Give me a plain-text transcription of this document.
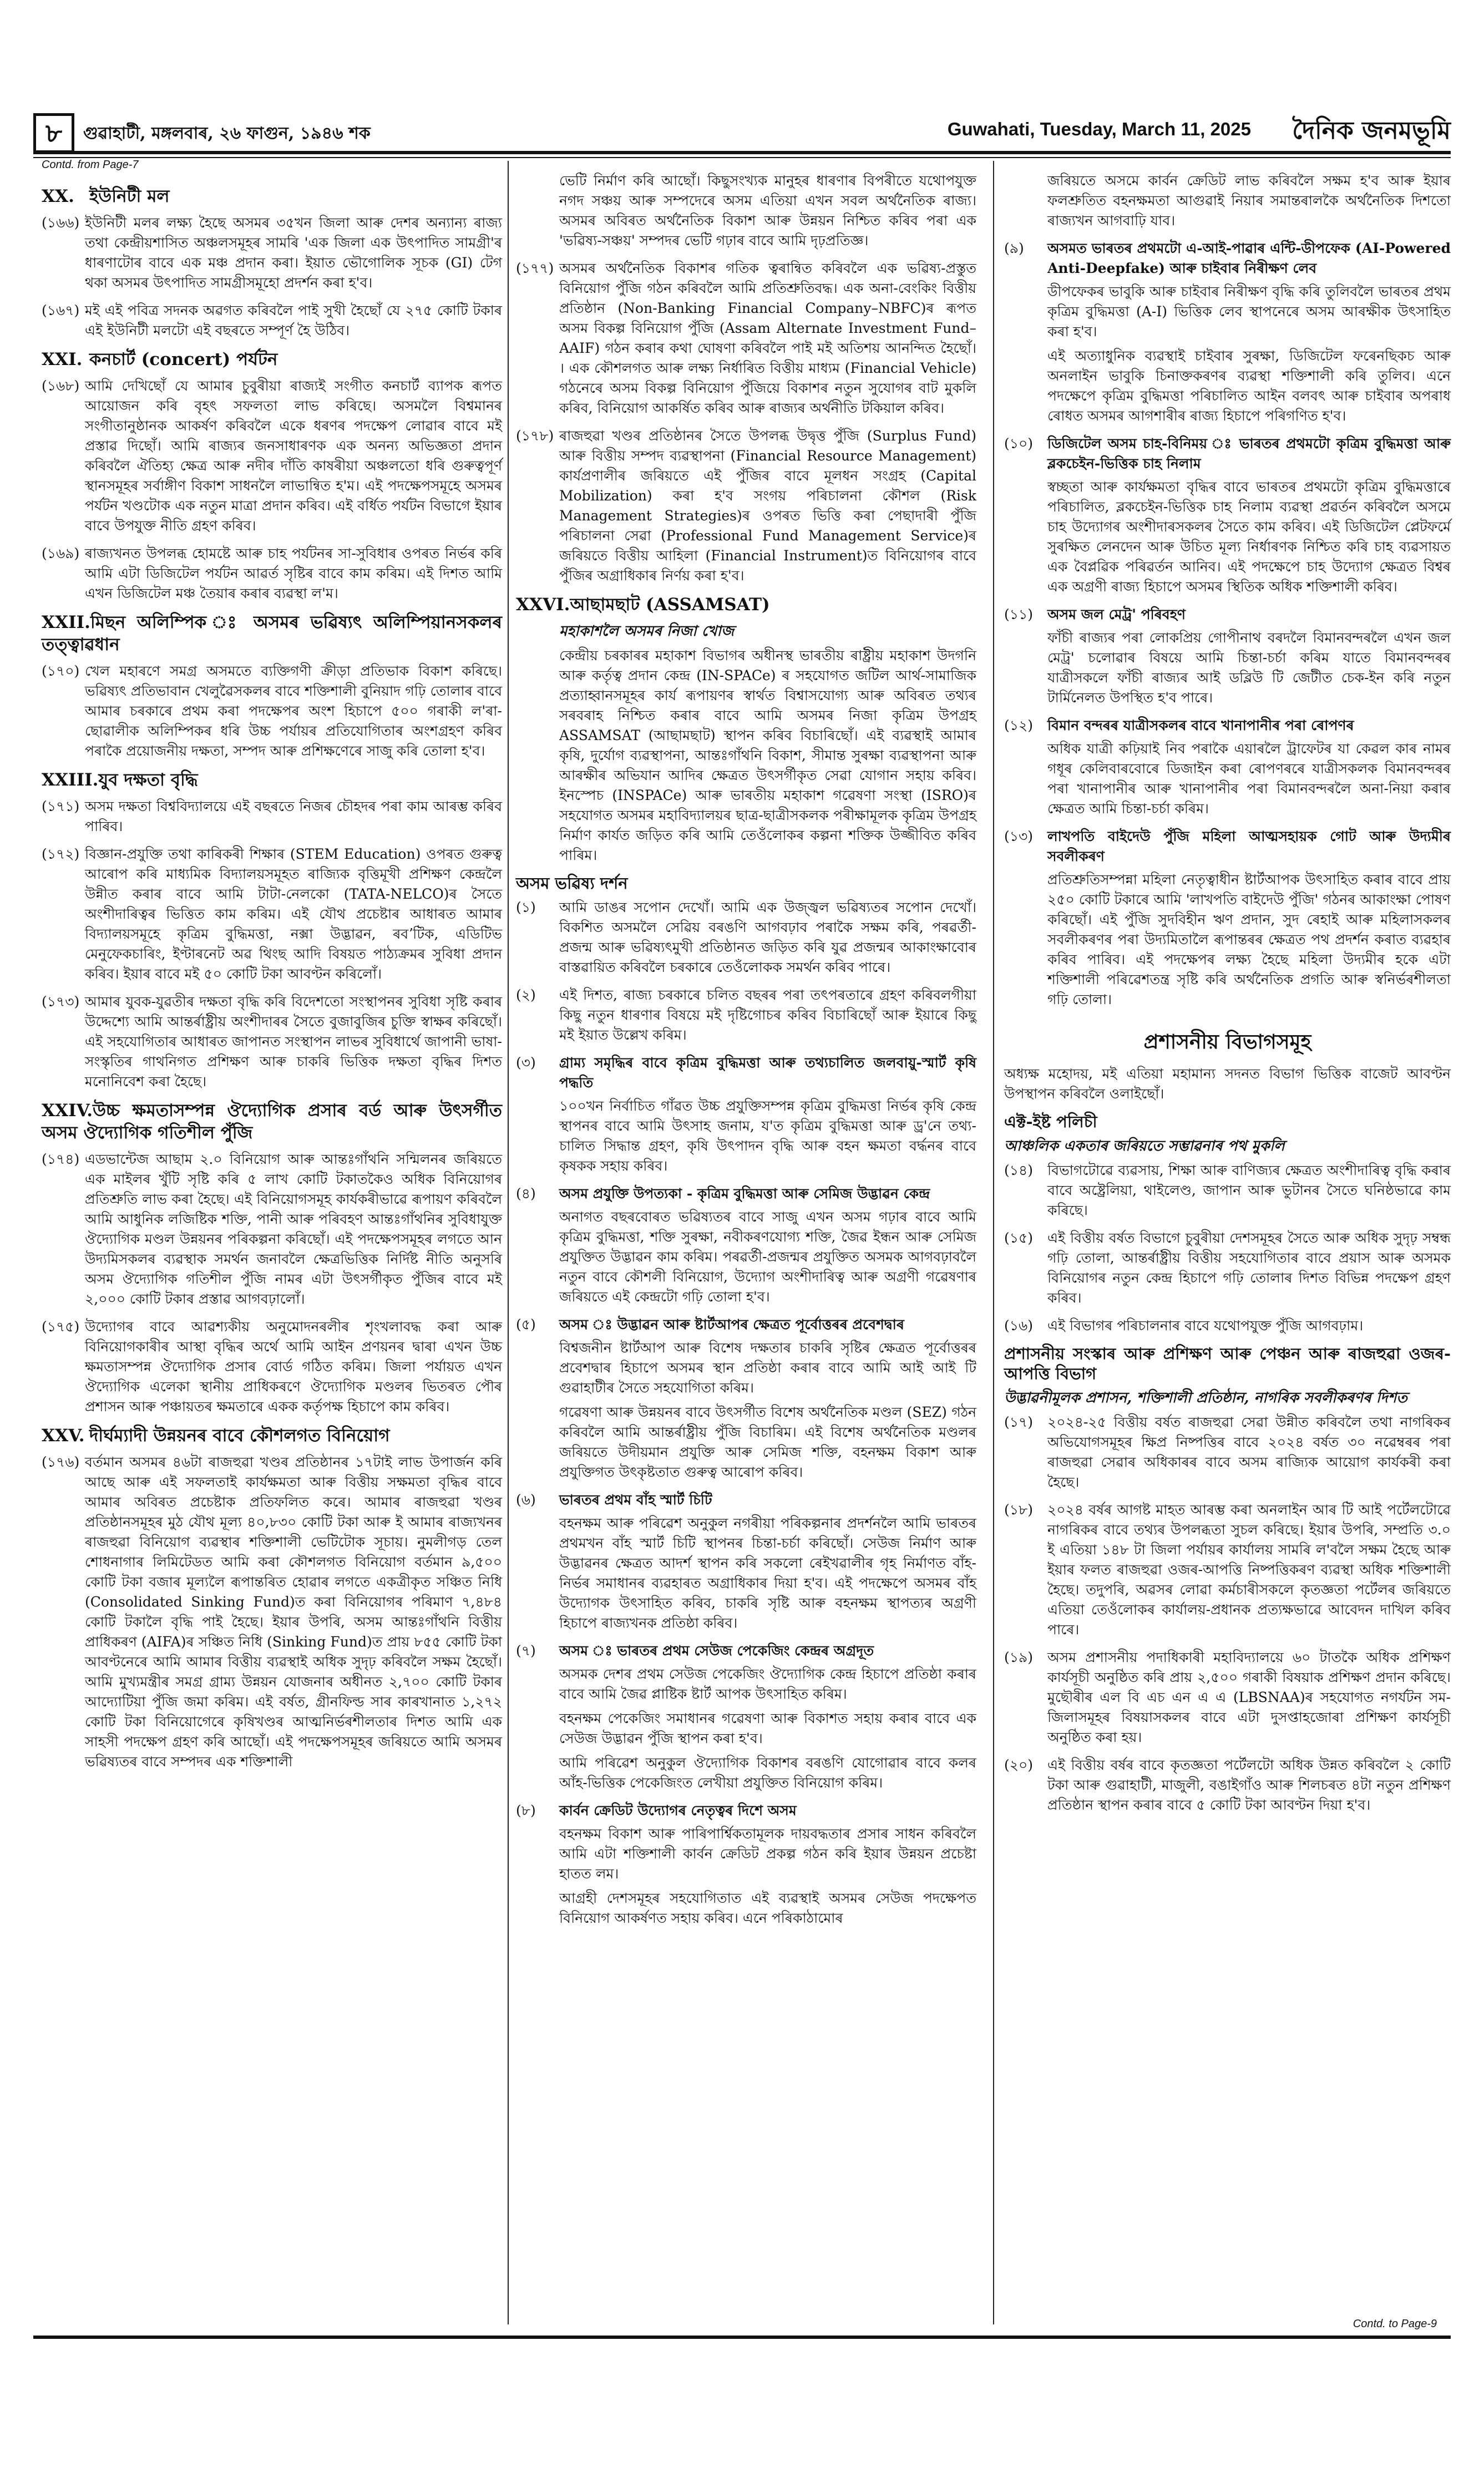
৮	গুৱাহাটী, মঙ্গলবাৰ, ২৬ ফাগুন, ১৯৪৬ শক	Guwahati, Tuesday, March 11, 2025 দৈনিক জনমভূমি
Contd. from Page-7
XX. ইউনিটী মল
(১৬৬) ইউনিটী মলৰ লক্ষ্য হৈছে অসমৰ ৩৫খন জিলা আৰু দেশৰ অন্যান্য ৰাজ্য তথা কেন্দ্ৰীয়শাসিত অঞ্চলসমূহৰ সামৰি 'এক জিলা এক উৎপাদিত সামগ্ৰী'ৰ ধাৰণাটোৰ বাবে এক মঞ্চ প্ৰদান কৰা। ইয়াত ভৌগোলিক সূচক (GI) টেগ থকা অসমৰ উৎপাদিত সামগ্ৰীসমূহো প্ৰদৰ্শন কৰা হ'ব।
(১৬৭) মই এই পবিত্ৰ সদনক অৱগত কৰিবলৈ পাই সুখী হৈছোঁ যে ২৭৫ কোটি টকাৰ এই ইউনিটী মলটো এই বছৰতে সম্পূৰ্ণ হৈ উঠিব।
XXI. কনচাৰ্ট (concert) পৰ্যটন
(১৬৮) আমি দেখিছোঁ যে আমাৰ চুবুৰীয়া ৰাজ্যই সংগীত কনচাৰ্ট ব্যাপক ৰূপত আয়োজন কৰি বৃহৎ সফলতা লাভ কৰিছে। অসমলৈ বিশ্বমানৰ সংগীতানুষ্ঠানক আকৰ্ষণ কৰিবলৈ একে ধৰণৰ পদক্ষেপ লোৱাৰ বাবে মই প্ৰস্তাৱ দিছোঁ। আমি ৰাজ্যৰ জনসাধাৰণক এক অনন্য অভিজ্ঞতা প্ৰদান কৰিবলৈ ঐতিহ্য ক্ষেত্ৰ আৰু নদীৰ দাঁতি কাষৰীয়া অঞ্চলতো ধৰি গুৰুত্বপূৰ্ণ স্থানসমূহৰ সৰ্বাঙ্গীণ বিকাশ সাধনলৈ লাভান্বিত হ'ম। এই পদক্ষেপসমূহে অসমৰ পৰ্যটন খণ্ডটোক এক নতুন মাত্ৰা প্ৰদান কৰিব। এই বৰ্ধিত পৰ্যটন বিভাগে ইয়াৰ বাবে উপযুক্ত নীতি গ্ৰহণ কৰিব।
(১৬৯) ৰাজ্যখনত উপলব্ধ হোমষ্টে আৰু চাহ পৰ্যটনৰ সা-সুবিধাৰ ওপৰত নিৰ্ভৰ কৰি আমি এটা ডিজিটেল পৰ্যটন আৱৰ্ত সৃষ্টিৰ বাবে কাম কৰিম। এই দিশত আমি এখন ডিজিটেল মঞ্চ তৈয়াৰ কৰাৰ ব্যৱস্থা ল'ম।
XXII.মিছন অলিম্পিক ঃ অসমৰ ভৱিষ্যৎ অলিম্পিয়ানসকলৰ তত্ত্বাৱধান
(১৭০) খেল মহাৰণে সমগ্ৰ অসমতে ব্যক্তিগণী ক্ৰীড়া প্ৰতিভাক বিকাশ কৰিছে। ভৱিষ্যৎ প্ৰতিভাবান খেলুৱৈসকলৰ বাবে শক্তিশালী বুনিয়াদ গঢ়ি তোলাৰ বাবে আমাৰ চৰকাৰে প্ৰথম কৰা পদক্ষেপৰ অংশ হিচাপে ৫০০ গৰাকী ল'ৰা-ছোৱালীক অলিম্পিকৰ ধৰি উচ্চ পৰ্যায়ৰ প্ৰতিযোগিতাৰ অংশগ্ৰহণ কৰিব পৰাকৈ প্ৰয়োজনীয় দক্ষতা, সম্পদ আৰু প্ৰশিক্ষণেৰে সাজু কৰি তোলা হ'ব।
XXIII.যুব দক্ষতা বৃদ্ধি
(১৭১) অসম দক্ষতা বিশ্ববিদ্যালয়ে এই বছৰতে নিজৰ চৌহদৰ পৰা কাম আৰম্ভ কৰিব পাৰিব।
(১৭২) বিজ্ঞান-প্ৰযুক্তি তথা কাৰিকৰী শিক্ষাৰ (STEM Education) ওপৰত গুৰুত্ব আৰোপ কৰি মাধ্যমিক বিদ্যালয়সমূহত ৰাজ্যিক বৃত্তিমূখী প্ৰশিক্ষণ কেন্দ্ৰলৈ উন্নীত কৰাৰ বাবে আমি টাটা-নেলকো (TATA-NELCO)ৰ সৈতে অংশীদাৰিত্বৰ ভিত্তিত কাম কৰিম। এই যৌথ প্ৰচেষ্টাৰ আধাৰত আমাৰ বিদ্যালয়সমূহে কৃত্ৰিম বুদ্ধিমত্তা, নক্সা উদ্ভাৱন, ৰবʼটিক, এডিটিভ মেনুফেকচাৰিং, ইণ্টাৰনেট অৱ থিংছ আদি বিষয়ত পাঠ্যক্ৰমৰ সুবিধা প্ৰদান কৰিব। ইয়াৰ বাবে মই ৫০ কোটি টকা আবণ্টন কৰিলোঁ।
(১৭৩) আমাৰ যুবক-যুৱতীৰ দক্ষতা বৃদ্ধি কৰি বিদেশতো সংস্থাপনৰ সুবিধা সৃষ্টি কৰাৰ উদ্দেশ্যে আমি আন্তৰ্ৰাষ্ট্ৰীয় অংশীদাৰৰ সৈতে বুজাবুজিৰ চুক্তি স্বাক্ষৰ কৰিছোঁ। এই সহযোগিতাৰ আধাৰত জাপানত সংস্থাপন লাভৰ সুবিধাৰ্থে জাপানী ভাষা-সংস্কৃতিৰ গাথনিগত প্ৰশিক্ষণ আৰু চাকৰি ভিত্তিক দক্ষতা বৃদ্ধিৰ দিশত মনোনিবেশ কৰা হৈছে।
XXIV.উচ্চ ক্ষমতাসম্পন্ন ঔদ্যোগিক প্ৰসাৰ বৰ্ড আৰু উৎসৰ্গীত অসম ঔদ্যোগিক গতিশীল পুঁজি
(১৭৪) এডভান্টেজ আছাম ২.০ বিনিয়োগ আৰু আন্তঃগাঁথনি সন্মিলনৰ জৰিয়তে এক মাইলৰ খুঁটি সৃষ্টি কৰি ৫ লাখ কোটি টকাতকৈও অধিক বিনিয়োগৰ প্ৰতিশ্ৰুতি লাভ কৰা হৈছে। এই বিনিয়োগসমূহ কাৰ্যকৰীভাৱে ৰূপায়ণ কৰিবলৈ আমি আধুনিক লজিষ্টিক শক্তি, পানী আৰু পৰিবহণ আন্তঃগাঁথনিৰ সুবিধাযুক্ত ঔদ্যোগিক মণ্ডল উন্নয়নৰ পৰিকল্পনা কৰিছোঁ। এই পদক্ষেপসমূহৰ লগতে আন উদ্যমিসকলৰ ব্যৱস্থাক সমৰ্থন জনাবলৈ ক্ষেত্ৰভিত্তিক নিৰ্দিষ্ট নীতি অনুসৰি অসম ঔদ্যোগিক গতিশীল পুঁজি নামৰ এটা উৎসৰ্গীকৃত পুঁজিৰ বাবে মই ২,০০০ কোটি টকাৰ প্ৰস্তাৱ আগবঢ়ালোঁ।
(১৭৫) উদ্যোগৰ বাবে আৱশ্যকীয় অনুমোদনৰলীৰ শৃংখলাবদ্ধ কৰা আৰু বিনিয়োগকাৰীৰ আস্থা বৃদ্ধিৰ অৰ্থে আমি আইন প্ৰণয়নৰ দ্বাৰা এখন উচ্চ ক্ষমতাসম্পন্ন ঔদ্যোগিক প্ৰসাৰ বোৰ্ড গঠিত কৰিম। জিলা পৰ্যায়ত এখন ঔদ্যোগিক এলেকা স্থানীয় প্ৰাধিকৰণে ঔদ্যোগিক মণ্ডলৰ ভিতৰত পৌৰ প্ৰশাসন আৰু পঞ্চায়তৰ ক্ষমতাৰে একক কৰ্তৃপক্ষ হিচাপে কাম কৰিব।
XXV. দীৰ্ঘম্যাদী উন্নয়নৰ বাবে কৌশলগত বিনিয়োগ
(১৭৬) বৰ্তমান অসমৰ ৪৬টা ৰাজহুৱা খণ্ডৰ প্ৰতিষ্ঠানৰ ১৭টাই লাভ উপাৰ্জন কৰি আছে আৰু এই সফলতাই কাৰ্যক্ষমতা আৰু বিত্তীয় সক্ষমতা বৃদ্ধিৰ বাবে আমাৰ অবিৰত প্ৰচেষ্টাক প্ৰতিফলিত কৰে। আমাৰ ৰাজহুৱা খণ্ডৰ প্ৰতিষ্ঠানসমূহৰ মুঠ যৌথ মূল্য ৪০,৮৩০ কোটি টকা আৰু ই আমাৰ ৰাজ্যখনৰ ৰাজহুৱা বিনিয়োগ ব্যৱস্থাৰ শক্তিশালী ভেটিটোক সূচায়। নুমলীগড় তেল শোধনাগাৰ লিমিটেডত আমি কৰা কৌশলগত বিনিয়োগ বৰ্তমান ৯,৫০০ কোটি টকা বজাৰ মূল্যলৈ ৰূপান্তৰিত হোৱাৰ লগতে একত্ৰীকৃত সঞ্চিত নিধি (Consolidated Sinking Fund)ত কৰা বিনিয়োগৰ পৰিমাণ ৭,৪৮৪ কোটি টকালৈ বৃদ্ধি পাই হৈছে। ইয়াৰ উপৰি, অসম আন্তঃগাঁথনি বিত্তীয় প্ৰাধিকৰণ (AIFA)ৰ সঞ্চিত নিধি (Sinking Fund)ত প্ৰায় ৮৫৫ কোটি টকা আবণ্টনেৰে আমি আমাৰ বিত্তীয় ব্যৱস্থাই অধিক সুদৃঢ় কৰিবলৈ সক্ষম হৈছোঁ। আমি মুখ্যমন্ত্ৰীৰ সমগ্ৰ গ্ৰাম্য উন্নয়ন যোজনাৰ অধীনত ২,৭০০ কোটি টকাৰ আদ্যোটিয়া পুঁজি জমা কৰিম। এই বৰ্ষত, গ্ৰীনফিল্ড সাৰ কাৰখানাত ১,২৭২ কোটি টকা বিনিয়োগেৰে কৃষিখণ্ডৰ আত্মনিৰ্ভৰশীলতাৰ দিশত আমি এক সাহসী পদক্ষেপ গ্ৰহণ কৰি আছোঁ। এই পদক্ষেপসমূহৰ জৰিয়তে আমি অসমৰ ভৱিষ্যতৰ বাবে সম্পদৰ এক শক্তিশালী
ভেটি নিৰ্মাণ কৰি আছোঁ। কিছুসংখ্যক মানুহৰ ধাৰণাৰ বিপৰীতে যথোপযুক্ত নগদ সঞ্চয় আৰু সম্পদেৰে অসম এতিয়া এখন সবল অৰ্থনৈতিক ৰাজ্য। অসমৰ অবিৰত অৰ্থনৈতিক বিকাশ আৰু উন্নয়ন নিশ্চিত কৰিব পৰা এক 'ভৱিষ্য-সঞ্চয়' সম্পদৰ ভেটি গঢ়াৰ বাবে আমি দৃঢ়প্ৰতিজ্ঞ।
(১৭৭) অসমৰ অৰ্থনৈতিক বিকাশৰ গতিক ত্বৰান্বিত কৰিবলৈ এক ভৱিষ্য-প্ৰস্তুত বিনিয়োগ পুঁজি গঠন কৰিবলৈ আমি প্ৰতিশ্ৰুতিবদ্ধ। এক অনা-বেংকিং বিত্তীয় প্ৰতিষ্ঠান (Non-Banking Financial Company–NBFC)ৰ ৰূপত অসম বিকল্প বিনিয়োগ পুঁজি (Assam Alternate Investment Fund–AAIF) গঠন কৰাৰ কথা ঘোষণা কৰিবলৈ পাই মই অতিশয় আনন্দিত হৈছোঁ। । এক কৌশলগত আৰু লক্ষ্য নিৰ্ধাৰিত বিত্তীয় মাধ্যম (Financial Vehicle) গঠনেৰে অসম বিকল্প বিনিয়োগ পুঁজিয়ে বিকাশৰ নতুন সুযোগৰ বাট মুকলি কৰিব, বিনিয়োগ আকৰ্ষিত কৰিব আৰু ৰাজ্যৰ অৰ্থনীতি টকিয়াল কৰিব।
(১৭৮) ৰাজহুৱা খণ্ডৰ প্ৰতিষ্ঠানৰ সৈতে উপলব্ধ উদ্বৃত্ত পুঁজি (Surplus Fund) আৰু বিত্তীয় সম্পদ ব্যৱস্থাপনা (Financial Resource Management) কাৰ্যপ্ৰণালীৰ জৰিয়তে এই পুঁজিৰ বাবে মূলধন সংগ্ৰহ (Capital Mobilization) কৰা হ'ব সংগয় পৰিচালনা কৌশল (Risk Management Strategies)ৰ ওপৰত ভিত্তি কৰা পেছাদাৰী পুঁজি পৰিচালনা সেৱা (Professional Fund Management Service)ৰ জৰিয়তে বিত্তীয় আহিলা (Financial Instrument)ত বিনিয়োগৰ বাবে পুঁজিৰ অগ্ৰাধিকাৰ নিৰ্ণয় কৰা হ'ব।
XXVI.আছামছাট (ASSAMSAT)
মহাকাশলৈ অসমৰ নিজা খোজ
কেন্দ্ৰীয় চৰকাৰৰ মহাকাশ বিভাগৰ অধীনস্থ ভাৰতীয় ৰাষ্ট্ৰীয় মহাকাশ উদগনি আৰু কৰ্তৃত্ব প্ৰদান কেন্দ্ৰ (IN-SPACe) ৰ সহযোগত জটিল আৰ্থ-সামাজিক প্ৰত্যাহ্বানসমূহৰ কাৰ্য ৰূপায়ণৰ স্বাৰ্থত বিশ্বাসযোগ্য আৰু অবিৰত তথ্যৰ সৰবৰাহ নিশ্চিত কৰাৰ বাবে আমি অসমৰ নিজা কৃত্ৰিম উপগ্ৰহ ASSAMSAT (আছামছাট) স্থাপন কৰিব বিচাৰিছোঁ। এই ব্যৱস্থাই আমাৰ কৃষি, দুৰ্যোগ ব্যৱস্থাপনা, আন্তঃগাঁথনি বিকাশ, সীমান্ত সুৰক্ষা ব্যৱস্থাপনা আৰু আৰক্ষীৰ অভিযান আদিৰ ক্ষেত্ৰত উৎসৰ্গীকৃত সেৱা যোগান সহায় কৰিব। ইনস্পেচ (INSPACe) আৰু ভাৰতীয় মহাকাশ গৱেষণা সংস্থা (ISRO)ৰ সহযোগত অসমৰ মহাবিদ্যালয়ৰ ছাত্ৰ-ছাত্ৰীসকলক পৰীক্ষামূলক কৃত্ৰিম উপগ্ৰহ নিৰ্মাণ কাৰ্যত জড়িত কৰি আমি তেওঁলোকৰ কল্পনা শক্তিক উজ্জীবিত কৰিব পাৰিম।
অসম ভৱিষ্য দৰ্শন
(১)	আমি ডাঙৰ সপোন দেখোঁ। আমি এক উজ্জ্বল ভৱিষ্যতৰ সপোন দেখোঁ। বিকশিত অসমলৈ সেৱিয় বৰঙণি আগবঢ়াব পৰাকৈ সক্ষম কৰি, পৰৱৰ্তী-প্ৰজন্ম আৰু ভৱিষ্যৎমুখী প্ৰতিষ্ঠানত জড়িত কৰি যুৱ প্ৰজন্মৰ আকাংক্ষাবোৰ বাস্তৱায়িত কৰিবলৈ চৰকাৰে তেওঁলোকক সমৰ্থন কৰিব পাৰে।
(২)	এই দিশত, ৰাজ্য চৰকাৰে চলিত বছৰৰ পৰা তৎপৰতাৰে গ্ৰহণ কৰিবলগীয়া কিছু নতুন ধাৰণাৰ বিষয়ে মই দৃষ্টিগোচৰ কৰিব বিচাৰিছোঁ আৰু ইয়াৰে কিছু মই ইয়াত উল্লেখ কৰিম।
(৩)	গ্ৰাম্য সমৃদ্ধিৰ বাবে কৃত্ৰিম বুদ্ধিমত্তা আৰু তথ্যচালিত জলবায়ু-স্মাৰ্ট কৃষি পদ্ধতি
১০০খন নিৰ্বাচিত গাঁৱত উচ্চ প্ৰযুক্তিসম্পন্ন কৃত্ৰিম বুদ্ধিমত্তা নিৰ্ভৰ কৃষি কেন্দ্ৰ স্থাপনৰ বাবে আমি উৎসাহ জনাম, য'ত কৃত্ৰিম বুদ্ধিমত্তা আৰু ড্ৰ'নে তথ্য-চালিত সিদ্ধান্ত গ্ৰহণ, কৃষি উৎপাদন বৃদ্ধি আৰু বহন ক্ষমতা বৰ্দ্ধনৰ বাবে কৃষকক সহায় কৰিব।
(৪)	অসম প্ৰযুক্তি উপত্যকা - কৃত্ৰিম বুদ্ধিমত্তা আৰু সেমিজ উদ্ভাৱন কেন্দ্ৰ
অনাগত বছৰবোৰত ভৱিষ্যতৰ বাবে সাজু এখন অসম গঢ়াৰ বাবে আমি কৃত্ৰিম বুদ্ধিমত্তা, শক্তি সুৰক্ষা, নবীকৰণযোগ্য শক্তি, জৈৱ ইন্ধন আৰু সেমিজ প্ৰযুক্তিত উদ্ভাৱন কাম কৰিম। পৰৱৰ্তী-প্ৰজন্মৰ প্ৰযুক্তিত অসমক আগবঢ়াবলৈ নতুন বাবে কৌশলী বিনিয়োগ, উদ্যোগ অংশীদাৰিত্ব আৰু অগ্ৰণী গৱেষণাৰ জৰিয়তে এই কেন্দ্ৰটো গঢ়ি তোলা হ'ব।
(৫)	অসম ঃ উদ্ভাৱন আৰু ষ্টাৰ্টআপৰ ক্ষেত্ৰত পূৰ্বোত্তৰৰ প্ৰবেশদ্বাৰ
বিশ্বজনীন ষ্টাৰ্টআপ আৰু বিশেষ দক্ষতাৰ চাকৰি সৃষ্টিৰ ক্ষেত্ৰত পূৰ্বোত্তৰৰ প্ৰবেশদ্বাৰ হিচাপে অসমৰ স্থান প্ৰতিষ্ঠা কৰাৰ বাবে আমি আই আই টি গুৱাহাটীৰ সৈতে সহযোগিতা কৰিম।
গৱেষণা আৰু উন্নয়নৰ বাবে উৎসৰ্গীত বিশেষ অৰ্থনৈতিক মণ্ডল (SEZ) গঠন কৰিবলৈ আমি আন্তৰ্ৰাষ্ট্ৰীয় পুঁজি বিচাৰিম। এই বিশেষ অৰ্থনৈতিক মণ্ডলৰ জৰিয়তে উদীয়মান প্ৰযুক্তি আৰু সেমিজ শক্তি, বহনক্ষম বিকাশ আৰু প্ৰযুক্তিগত উৎকৃষ্টতাত গুৰুত্ব আৰোপ কৰিব।
(৬)	ভাৰতৰ প্ৰথম বাঁহ স্মাৰ্ট চিটি
বহনক্ষম আৰু পৰিৱেশ অনুকুল নগৰীয়া পৰিকল্পনাৰ প্ৰদৰ্শনলৈ আমি ভাৰতৰ প্ৰথমখন বাঁহ স্মাৰ্ট চিটি স্থাপনৰ চিন্তা-চৰ্চা কৰিছোঁ। সেউজ নিৰ্মাণ আৰু উদ্ভাৱনৰ ক্ষেত্ৰত আদৰ্শ স্থাপন কৰি সকলো ৰেইখৱালীৰ গৃহ নিৰ্মাণত বাঁহ-নিৰ্ভৰ সমাধানৰ ব্যৱহাৰত অগ্ৰাধিকাৰ দিয়া হ'ব। এই পদক্ষেপে অসমৰ বাঁহ উদ্যোগক উৎসাহিত কৰিব, চাকৰি সৃষ্টি আৰু বহনক্ষম স্থাপত্যৰ অগ্ৰণী হিচাপে ৰাজ্যখনক প্ৰতিষ্ঠা কৰিব।
(৭)	অসম ঃ ভাৰতৰ প্ৰথম সেউজ পেকেজিং কেন্দ্ৰৰ অগ্ৰদূত
অসমক দেশৰ প্ৰথম সেউজ পেকেজিং ঔদ্যোগিক কেন্দ্ৰ হিচাপে প্ৰতিষ্ঠা কৰাৰ বাবে আমি জৈৱ প্লাষ্টিক ষ্টাৰ্ট আপক উৎসাহিত কৰিম।
বহনক্ষম পেকেজিং সমাধানৰ গৱেষণা আৰু বিকাশত সহায় কৰাৰ বাবে এক সেউজ উদ্ভাৱন পুঁজি স্থাপন কৰা হ'ব।
আমি পৰিৱেশ অনুকুল ঔদ্যোগিক বিকাশৰ বৰঙণি যোগোৱাৰ বাবে কলৰ আঁহ-ভিত্তিক পেকেজিংত লেখীয়া প্ৰযুক্তিত বিনিয়োগ কৰিম।
(৮)	কাৰ্বন ক্ৰেডিট উদ্যোগৰ নেতৃত্বৰ দিশে অসম
বহনক্ষম বিকাশ আৰু পাৰিপাৰ্শ্বিকতামূলক দায়বদ্ধতাৰ প্ৰসাৰ সাধন কৰিবলৈ আমি এটা শক্তিশালী কাৰ্বন ক্ৰেডিট প্ৰকল্প গঠন কৰি ইয়াৰ উন্নয়ন প্ৰচেষ্টা হাতত লম।
আগ্ৰহী দেশসমূহৰ সহযোগিতাত এই ব্যৱস্থাই অসমৰ সেউজ পদক্ষেপত বিনিয়োগ আকৰ্ষণত সহায় কৰিব। এনে পৰিকাঠামোৰ
জৰিয়তে অসমে কাৰ্বন ক্ৰেডিট লাভ কৰিবলৈ সক্ষম হ'ব আৰু ইয়াৰ ফলশ্ৰুতিত বহনক্ষমতা আগুৱাই নিয়াৰ সমান্তৰালকৈ অৰ্থনৈতিক দিশতো ৰাজ্যখন আগবাঢ়ি যাব।
(৯)	অসমত ভাৰতৰ প্ৰথমটো এ-আই-পাৱাৰ এন্টি-ডীপফেক (AI-Powered Anti-Deepfake) আৰু চাইবাৰ নিৰীক্ষণ লেব
ডীপফেকৰ ভাবুকি আৰু চাইবাৰ নিৰীক্ষণ বৃদ্ধি কৰি তুলিবলৈ ভাৰতৰ প্ৰথম কৃত্ৰিম বুদ্ধিমত্তা (A-I) ভিত্তিক লেব স্থাপনেৰে অসম আৰক্ষীক উৎসাহিত কৰা হ'ব।
এই অত্যাধুনিক ব্যৱস্থাই চাইবাৰ সুৰক্ষা, ডিজিটেল ফৰেনছিকচ আৰু অনলাইন ভাবুকি চিনাক্তকৰণৰ ব্যৱস্থা শক্তিশালী কৰি তুলিব। এনে পদক্ষেপে কৃত্ৰিম বুদ্ধিমত্তা পৰিচালিত আইন বলবৎ আৰু চাইবাৰ অপৰাধ ৰোধত অসমৰ আগশাৰীৰ ৰাজ্য হিচাপে পৰিগণিত হ'ব।
(১০)	ডিজিটেল অসম চাহ-বিনিময় ঃ ভাৰতৰ প্ৰথমটো কৃত্ৰিম বুদ্ধিমত্তা আৰু ব্লকচেইন-ভিত্তিক চাহ নিলাম
স্বচ্ছতা আৰু কাৰ্যক্ষমতা বৃদ্ধিৰ বাবে ভাৰতৰ প্ৰথমটো কৃত্ৰিম বুদ্ধিমত্তাৰে পৰিচালিত, ব্লকচেইন-ভিত্তিক চাহ নিলাম ব্যৱস্থা প্ৰৱৰ্তন কৰিবলৈ অসমে চাহ উদ্যোগৰ অংশীদাৰসকলৰ সৈতে কাম কৰিব। এই ডিজিটেল প্লেটফৰ্মে সুৰক্ষিত লেনদেন আৰু উচিত মূল্য নিৰ্ধাৰণক নিশ্চিত কৰি চাহ ব্যৱসায়ত এক বৈপ্লৱিক পৰিৱৰ্তন আনিব। এই পদক্ষেপে চাহ উদ্যোগ ক্ষেত্ৰত বিশ্বৰ এক অগ্ৰণী ৰাজ্য হিচাপে অসমৰ স্থিতিক অধিক শক্তিশালী কৰিব।
(১১)	অসম জল মেট্ৰ' পৰিবহণ
ফাঁচী ৰাজ্যৰ পৰা লোকপ্ৰিয় গোপীনাথ বৰদলৈ বিমানবন্দৰলৈ এখন জল মেট্ৰ' চলোৱাৰ বিষয়ে আমি চিন্তা-চৰ্চা কৰিম যাতে বিমানবন্দৰৰ যাত্ৰীসকলে ফাঁচী ৰাজ্যৰ আই ডব্লিউ টি জেটীত চেক-ইন কৰি নতুন টাৰ্মিনেলত উপস্থিত হ'ব পাৰে।
(১২)	বিমান বন্দৰৰ যাত্ৰীসকলৰ বাবে খানাপানীৰ পৰা ৰোপণৰ
অধিক যাত্ৰী কঢ়িয়াই নিব পৰাকৈ এয়াৰলৈ ট্ৰাফেটৰ যা কেৱল কাৰ নামৰ গধূৰ কেলিবাৰবোৰে ডিজাইন কৰা ৰোপণৰৰে যাত্ৰীসকলক বিমানবন্দৰৰ পৰা খানাপানীৰ আৰু খানাপানীৰ পৰা বিমানবন্দৰলৈ অনা-নিয়া কৰাৰ ক্ষেত্ৰত আমি চিন্তা-চৰ্চা কৰিম।
(১৩)	লাখপতি বাইদেউ পুঁজি মহিলা আত্মসহায়ক গোট আৰু উদ্যমীৰ সবলীকৰণ
প্ৰতিশ্ৰুতিসম্পন্না মহিলা নেতৃত্বাধীন ষ্টাৰ্টআপক উৎসাহিত কৰাৰ বাবে প্ৰায় ২৫০ কোটি টকাৰে আমি 'লাখপতি বাইদেউ পুঁজি' গঠনৰ আকাংক্ষা পোষণ কৰিছোঁ। এই পুঁজি সুদবিহীন ঋণ প্ৰদান, সুদ ৰেহাই আৰু মহিলাসকলৰ সবলীকৰণৰ পৰা উদ্যমিতালৈ ৰূপান্তৰৰ ক্ষেত্ৰত পথ প্ৰদৰ্শন কৰাত ব্যৱহাৰ কৰিব পাৰিব। এই পদক্ষেপৰ লক্ষ্য হৈছে মহিলা উদ্যমীৰ হকে এটা শক্তিশালী পৰিৱেশতন্ত্ৰ সৃষ্টি কৰি অৰ্থনৈতিক প্ৰগতি আৰু স্বনিৰ্ভৰশীলতা গঢ়ি তোলা।
প্ৰশাসনীয় বিভাগসমূহ
অধ্যক্ষ মহোদয়, মই এতিয়া মহামান্য সদনত বিভাগ ভিত্তিক বাজেট আবণ্টন উপস্থাপন কৰিবলৈ ওলাইছোঁ।
এক্ট-ইষ্ট পলিচী
আঞ্চলিক একতাৰ জৰিয়তে সম্ভাৱনাৰ পথ মুকলি
(১৪)	বিভাগটোৱে ব্যৱসায়, শিক্ষা আৰু বাণিজ্যৰ ক্ষেত্ৰত অংশীদাৰিত্ব বৃদ্ধি কৰাৰ বাবে অষ্ট্ৰেলিয়া, থাইলেণ্ড, জাপান আৰু ভুটানৰ সৈতে ঘনিষ্ঠভাৱে কাম কৰিছে।
(১৫)	এই বিত্তীয় বৰ্ষত বিভাগে চুবুৰীয়া দেশসমূহৰ সৈতে আৰু অধিক সুদৃঢ় সম্বন্ধ গঢ়ি তোলা, আন্তৰ্ৰাষ্ট্ৰীয় বিত্তীয় সহযোগিতাৰ বাবে প্ৰয়াস আৰু অসমক বিনিয়োগৰ নতুন কেন্দ্ৰ হিচাপে গঢ়ি তোলাৰ দিশত বিভিন্ন পদক্ষেপ গ্ৰহণ কৰিব।
(১৬)	এই বিভাগৰ পৰিচালনাৰ বাবে যথোপযুক্ত পুঁজি আগবঢ়াম।
প্ৰশাসনীয় সংস্কাৰ আৰু প্ৰশিক্ষণ আৰু পেঞ্চন আৰু ৰাজহুৱা ওজৰ-আপত্তি বিভাগ
উদ্ভাৱনীমূলক প্ৰশাসন, শক্তিশালী প্ৰতিষ্ঠান, নাগৰিক সবলীকৰণৰ দিশত
(১৭)	২০২৪-২৫ বিত্তীয় বৰ্ষত ৰাজহুৱা সেৱা উন্নীত কৰিবলৈ তথা নাগৰিকৰ অভিযোগসমূহৰ ক্ষিপ্ৰ নিষ্পত্তিৰ বাবে ২০২৪ বৰ্ষত ৩০ নৱেম্বৰৰ পৰা ৰাজহুৱা সেৱাৰ অধিকাৰৰ বাবে অসম ৰাজ্যিক আয়োগ কাৰ্যকৰী কৰা হৈছে।
(১৮)	২০২৪ বৰ্ষৰ আগষ্ট মাহত আৰম্ভ কৰা অনলাইন আৰ টি আই পৰ্টেলটোৱে নাগৰিকৰ বাবে তথ্যৰ উপলব্ধতা সুচল কৰিছে। ইয়াৰ উপৰি, সম্প্ৰতি ৩.০ ই এতিয়া ১৪৮ টা জিলা পৰ্যায়ৰ কাৰ্যালয় সামৰি ল'বলৈ সক্ষম হৈছে আৰু ইয়াৰ ফলত ৰাজহুৱা ওজৰ-আপত্তি নিষ্পত্তিকৰণ ব্যৱস্থা অধিক শক্তিশালী হৈছে। তদুপৰি, অৱসৰ লোৱা কৰ্মচাৰীসকলে কৃতজ্ঞতা পৰ্টেলৰ জৰিয়তে এতিয়া তেওঁলোকৰ কাৰ্যালয়-প্ৰধানক প্ৰত্যক্ষভাৱে আবেদন দাখিল কৰিব পাৰে।
(১৯)	অসম প্ৰশাসনীয় পদাধিকাৰী মহাবিদ্যালয়ে ৬০ টাতকৈ অধিক প্ৰশিক্ষণ কাৰ্যসূচী অনুষ্ঠিত কৰি প্ৰায় ২,৫০০ গৰাকী বিষয়াক প্ৰশিক্ষণ প্ৰদান কৰিছে। মুছৌৰীৰ এল বি এচ এন এ এ (LBSNAA)ৰ সহযোগত নগৰ্যটন সম-জিলাসমূহৰ বিষয়াসকলৰ বাবে এটা দুসপ্তাহজোৰা প্ৰশিক্ষণ কাৰ্যসূচী অনুষ্ঠিত কৰা হয়।
(২০)	এই বিত্তীয় বৰ্ষৰ বাবে কৃতজ্ঞতা পৰ্টেলটো অধিক উন্নত কৰিবলৈ ২ কোটি টকা আৰু গুৱাহাটী, মাজুলী, বঙাইগাঁও আৰু শিলচৰত ৪টা নতুন প্ৰশিক্ষণ প্ৰতিষ্ঠান স্থাপন কৰাৰ বাবে ৫ কোটি টকা আবণ্টন দিয়া হ'ব।
Contd. to Page-9
